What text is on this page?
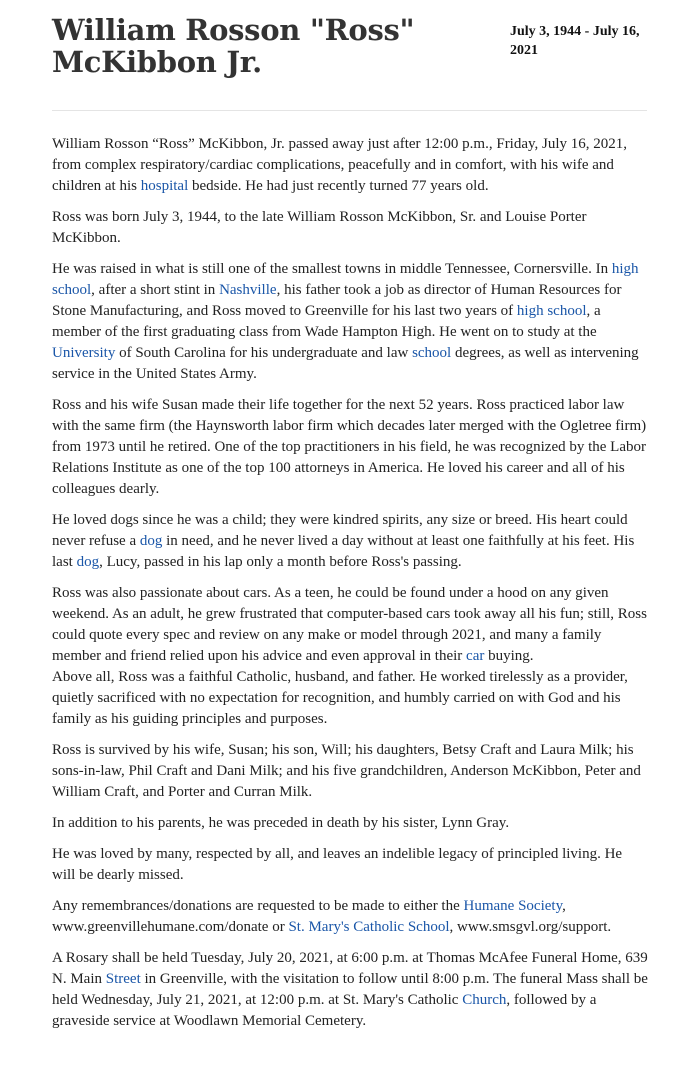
William Rosson "Ross" McKibbon Jr.
July 3, 1944 - July 16, 2021

William Rosson “Ross” McKibbon, Jr. passed away just after 12:00 p.m., Friday, July 16, 2021, from complex respiratory/cardiac complications, peacefully and in comfort, with his wife and children at his hospital bedside. He had just recently turned 77 years old.

Ross was born July 3, 1944, to the late William Rosson McKibbon, Sr. and Louise Porter McKibbon.

He was raised in what is still one of the smallest towns in middle Tennessee, Cornersville. In high school, after a short stint in Nashville, his father took a job as director of Human Resources for Stone Manufacturing, and Ross moved to Greenville for his last two years of high school, a member of the first graduating class from Wade Hampton High. He went on to study at the University of South Carolina for his undergraduate and law school degrees, as well as intervening service in the United States Army.

Ross and his wife Susan made their life together for the next 52 years. Ross practiced labor law with the same firm (the Haynsworth labor firm which decades later merged with the Ogletree firm) from 1973 until he retired. One of the top practitioners in his field, he was recognized by the Labor Relations Institute as one of the top 100 attorneys in America. He loved his career and all of his colleagues dearly.

He loved dogs since he was a child; they were kindred spirits, any size or breed. His heart could never refuse a dog in need, and he never lived a day without at least one faithfully at his feet. His last dog, Lucy, passed in his lap only a month before Ross's passing.

Ross was also passionate about cars. As a teen, he could be found under a hood on any given weekend. As an adult, he grew frustrated that computer-based cars took away all his fun; still, Ross could quote every spec and review on any make or model through 2021, and many a family member and friend relied upon his advice and even approval in their car buying.

Above all, Ross was a faithful Catholic, husband, and father. He worked tirelessly as a provider, quietly sacrificed with no expectation for recognition, and humbly carried on with God and his family as his guiding principles and purposes.

Ross is survived by his wife, Susan; his son, Will; his daughters, Betsy Craft and Laura Milk; his sons-in-law, Phil Craft and Dani Milk; and his five grandchildren, Anderson McKibbon, Peter and William Craft, and Porter and Curran Milk.

In addition to his parents, he was preceded in death by his sister, Lynn Gray.

He was loved by many, respected by all, and leaves an indelible legacy of principled living. He will be dearly missed.

Any remembrances/donations are requested to be made to either the Humane Society, www.greenvillehumane.com/donate or St. Mary's Catholic School, www.smsgvl.org/support.

A Rosary shall be held Tuesday, July 20, 2021, at 6:00 p.m. at Thomas McAfee Funeral Home, 639 N. Main Street in Greenville, with the visitation to follow until 8:00 p.m. The funeral Mass shall be held Wednesday, July 21, 2021, at 12:00 p.m. at St. Mary's Catholic Church, followed by a graveside service at Woodlawn Memorial Cemetery.
